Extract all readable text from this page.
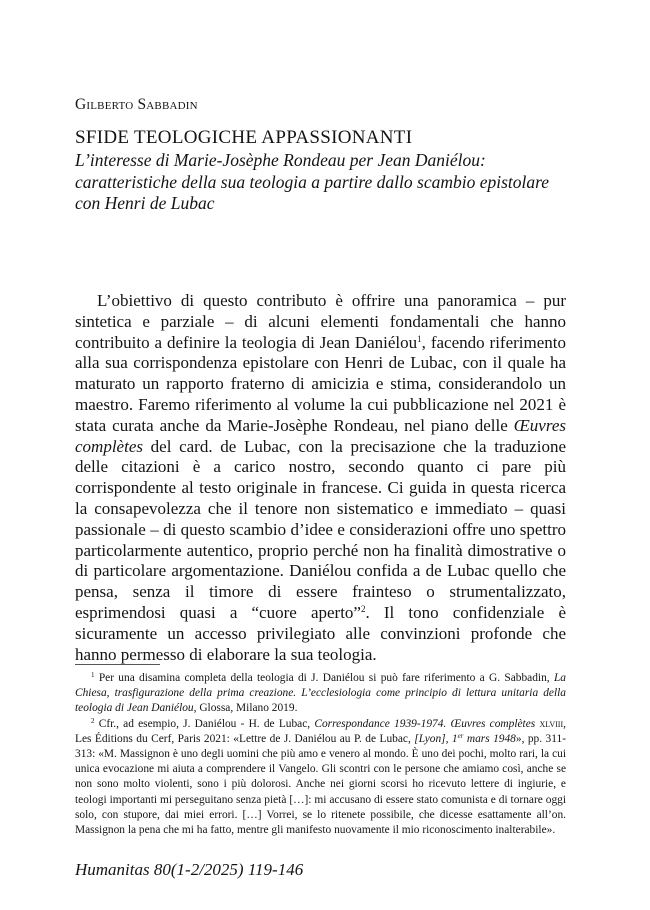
Gilberto Sabbadin
SFIDE TEOLOGICHE APPASSIONANTI
L’interesse di Marie-Josèphe Rondeau per Jean Daniélou: caratteristiche della sua teologia a partire dallo scambio epistolare con Henri de Lubac

L’obiettivo di questo contributo è offrire una panoramica – pur sintetica e parziale – di alcuni elementi fondamentali che hanno contribuito a definire la teologia di Jean Daniélou$^1$, facendo riferimento alla sua corrispondenza epistolare con Henri de Lubac, con il quale ha maturato un rapporto fraterno di amicizia e stima, considerandolo un maestro. Faremo riferimento al volume la cui pubblicazione nel 2021 è stata curata anche da Marie-Josèphe Rondeau, nel piano delle Œuvres complètes del card. de Lubac, con la precisazione che la traduzione delle citazioni è a carico nostro, secondo quanto ci pare più corrispondente al testo originale in francese. Ci guida in questa ricerca la consapevolezza che il tenore non sistematico e immediato – quasi passionale – di questo scambio d’idee e considerazioni offre uno spettro particolarmente autentico, proprio perché non ha finalità dimostrative o di particolare argomentazione. Daniélou confida a de Lubac quello che pensa, senza il timore di essere frainteso o strumentalizzato, esprimendosi quasi a “cuore aperto”$^2$. Il tono confidenziale è sicuramente un accesso privilegiato alle convinzioni profonde che hanno permesso di elaborare la sua teologia.

$^1$ Per una disamina completa della teologia di J. Daniélou si può fare riferimento a G. Sabbadin, La Chiesa, trasfigurazione della prima creazione. L’ecclesiologia come principio di lettura unitaria della teologia di Jean Daniélou, Glossa, Milano 2019.

$^2$ Cfr., ad esempio, J. Daniélou - H. de Lubac, Correspondance 1939-1974. Œuvres complètes xlviii, Les Éditions du Cerf, Paris 2021: «Lettre de J. Daniélou au P. de Lubac, [Lyon], 1er mars 1948», pp. 311-313: «M. Massignon è uno degli uomini che più amo e venero al mondo. È uno dei pochi, molto rari, la cui unica evocazione mi aiuta a comprendere il Vangelo. Gli scontri con le persone che amiamo così, anche se non sono molto violenti, sono i più dolorosi. Anche nei giorni scorsi ho ricevuto lettere di ingiurie, e teologi importanti mi perseguitano senza pietà […]: mi accusano di essere stato comunista e di tornare oggi solo, con stupore, dai miei errori. […] Vorrei, se lo ritenete possibile, che dicesse esattamente all’on. Massignon la pena che mi ha fatto, mentre gli manifesto nuovamente il mio riconoscimento inalterabile».

Humanitas 80(1-2/2025) 119-146
